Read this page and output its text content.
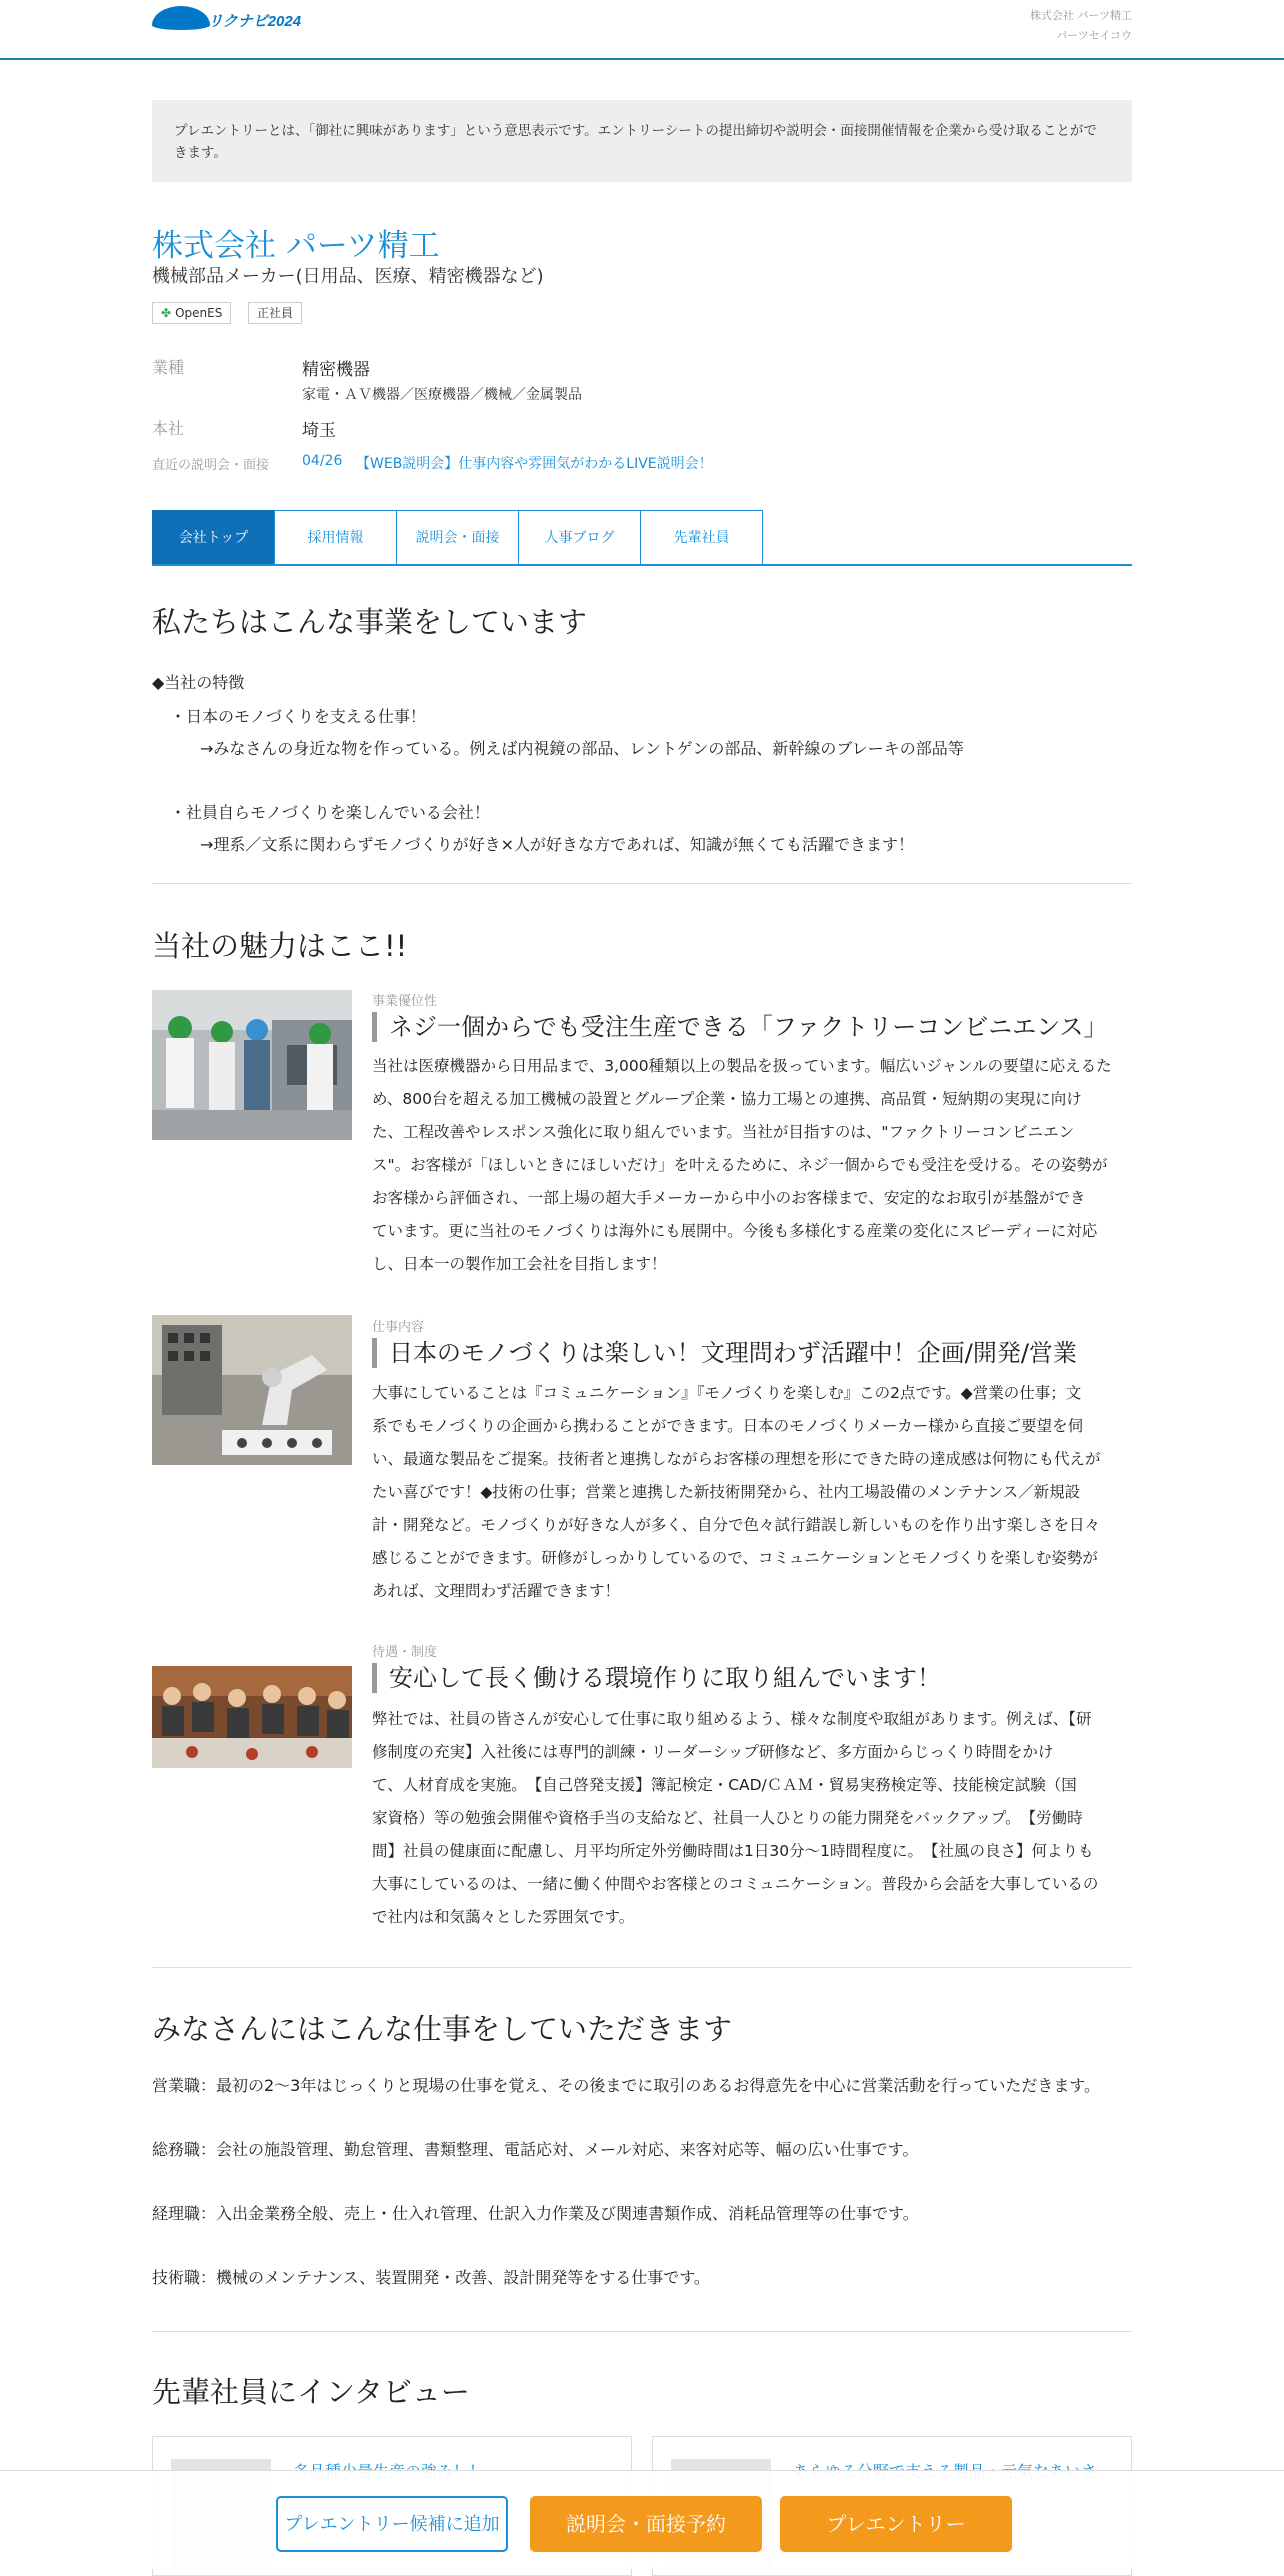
リクナビ2024	株式会社 パーツ精工
パーツセイコウ
プレエントリーとは、「御社に興味があります」という意思表示です。エントリーシートの提出締切や説明会・面接開催情報を企業から受け取ることができます。
株式会社 パーツ精工
機械部品メーカー(日用品、医療、精密機器など)
✤ OpenES	正社員
業種	精密機器
家電・ＡＶ機器／医療機器／機械／金属製品
本社	埼玉
直近の説明会・面接 04/26 【WEB説明会】仕事内容や雰囲気がわかるLIVE説明会！
会社トップ	採用情報	説明会・面接	人事ブログ	先輩社員
私たちはこんな事業をしています
◆当社の特徴
・日本のモノづくりを支える仕事！
→みなさんの身近な物を作っている。例えば内視鏡の部品、レントゲンの部品、新幹線のブレーキの部品等
・社員自らモノづくりを楽しんでいる会社！
→理系／文系に関わらずモノづくりが好き×人が好きな方であれば、知識が無くても活躍できます！
当社の魅力はここ!!
事業優位性
ネジ一個からでも受注生産できる「ファクトリーコンビニエンス」
当社は医療機器から日用品まで、3,000種類以上の製品を扱っています。幅広いジャンルの要望に応えるた
め、800台を超える加工機械の設置とグループ企業・協力工場との連携、高品質・短納期の実現に向け
た、工程改善やレスポンス強化に取り組んでいます。当社が目指すのは、"ファクトリーコンビニエン
ス"。お客様が「ほしいときにほしいだけ」を叶えるために、ネジ一個からでも受注を受ける。その姿勢が
お客様から評価され、一部上場の超大手メーカーから中小のお客様まで、安定的なお取引が基盤ができ
ています。更に当社のモノづくりは海外にも展開中。今後も多様化する産業の変化にスピーディーに対応
し、日本一の製作加工会社を目指します！
仕事内容
日本のモノづくりは楽しい！文理問わず活躍中！企画/開発/営業
大事にしていることは『コミュニケーション』『モノづくりを楽しむ』この2点です。◆営業の仕事；文
系でもモノづくりの企画から携わることができます。日本のモノづくりメーカー様から直接ご要望を伺
い、最適な製品をご提案。技術者と連携しながらお客様の理想を形にできた時の達成感は何物にも代えが
たい喜びです！◆技術の仕事；営業と連携した新技術開発から、社内工場設備のメンテナンス／新規設
計・開発など。モノづくりが好きな人が多く、自分で色々試行錯誤し新しいものを作り出す楽しさを日々
感じることができます。研修がしっかりしているので、コミュニケーションとモノづくりを楽しむ姿勢が
あれば、文理問わず活躍できます！
待遇・制度
安心して長く働ける環境作りに取り組んでいます！
弊社では、社員の皆さんが安心して仕事に取り組めるよう、様々な制度や取組があります。例えば、【研
修制度の充実】入社後には専門的訓練・リーダーシップ研修など、多方面からじっくり時間をかけ
て、人材育成を実施。　【自己啓発支援】簿記検定・CAD/ＣＡＭ・貿易実務検定等、技能検定試験（国
家資格）等の勉強会開催や資格手当の支給など、社員一人ひとりの能力開発をバックアップ。　【労働時
間】社員の健康面に配慮し、月平均所定外労働時間は1日30分～1時間程度に。　【社風の良さ】何よりも
大事にしているのは、一緒に働く仲間やお客様とのコミュニケーション。普段から会話を大事しているの
で社内は和気藹々とした雰囲気です。
みなさんにはこんな仕事をしていただきます
営業職：最初の2～3年はじっくりと現場の仕事を覚え、その後までに取引のあるお得意先を中心に営業活動を行っていただきます。
総務職：会社の施設管理、勤怠管理、書類整理、電話応対、メール対応、来客対応等、幅の広い仕事です。
経理職：入出金業務全般、売上・仕入れ管理、仕訳入力作業及び関連書類作成、消耗品管理等の仕事です。
技術職：機械のメンテナンス、装置開発・改善、設計開発等をする仕事です。
先輩社員にインタビュー
プレエントリー候補に追加	説明会・面接予約	プレエントリー
